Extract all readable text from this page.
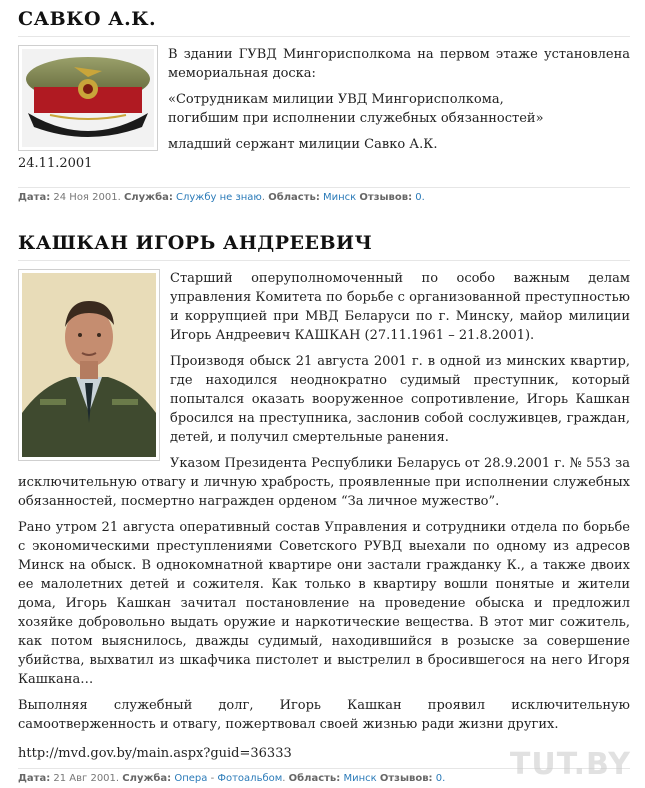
САВКО А.К.

В здании ГУВД Мингорисполкома на первом этаже установлена мемориальная доска:

«Сотрудникам милиции УВД Мингорисполкома,
погибшим при исполнении служебных обязанностей»

младший сержант милиции Савко А.К.
24.11.2001

Дата: 24 Ноя 2001. Служба: Службу не знаю. Область: Минск Отзывов: 0.
КАШКАН ИГОРЬ АНДРЕЕВИЧ

Старший оперуполномоченный по особо важным делам управления Комитета по борьбе с организованной преступностью и коррупцией при МВД Беларуси по г. Минску, майор милиции Игорь Андреевич КАШКАН (27.11.1961 – 21.8.2001).

Производя обыск 21 августа 2001 г. в одной из минских квартир, где находился неоднократно судимый преступник, который попытался оказать вооруженное сопротивление, Игорь Кашкан бросился на преступника, заслонив собой сослуживцев, граждан, детей, и получил смертельные ранения.

Указом Президента Республики Беларусь от 28.9.2001 г. № 553 за исключительную отвагу и личную храбрость, проявленные при исполнении служебных обязанностей, посмертно награжден орденом “За личное мужество”.

Рано утром 21 августа оперативный состав Управления и сотрудники отдела по борьбе с экономическими преступлениями Советского РУВД выехали по одному из адресов Минск на обыск. В однокомнатной квартире они застали гражданку К., а также двоих ее малолетних детей и сожителя. Как только в квартиру вошли понятые и жители дома, Игорь Кашкан зачитал постановление на проведение обыска и предложил хозяйке добровольно выдать оружие и наркотические вещества. В этот миг сожитель, как потом выяснилось, дважды судимый, находившийся в розыске за совершение убийства, выхватил из шкафчика пистолет и выстрелил в бросившегося на него Игоря Кашкана…

Выполняя служебный долг, Игорь Кашкан проявил исключительную самоотверженность и отвагу, пожертвовал своей жизнью ради жизни других.

http://mvd.gov.by/main.aspx?guid=36333

Дата: 21 Авг 2001. Служба: Опера - Фотоальбом. Область: Минск Отзывов: 0.	TUT.BY
